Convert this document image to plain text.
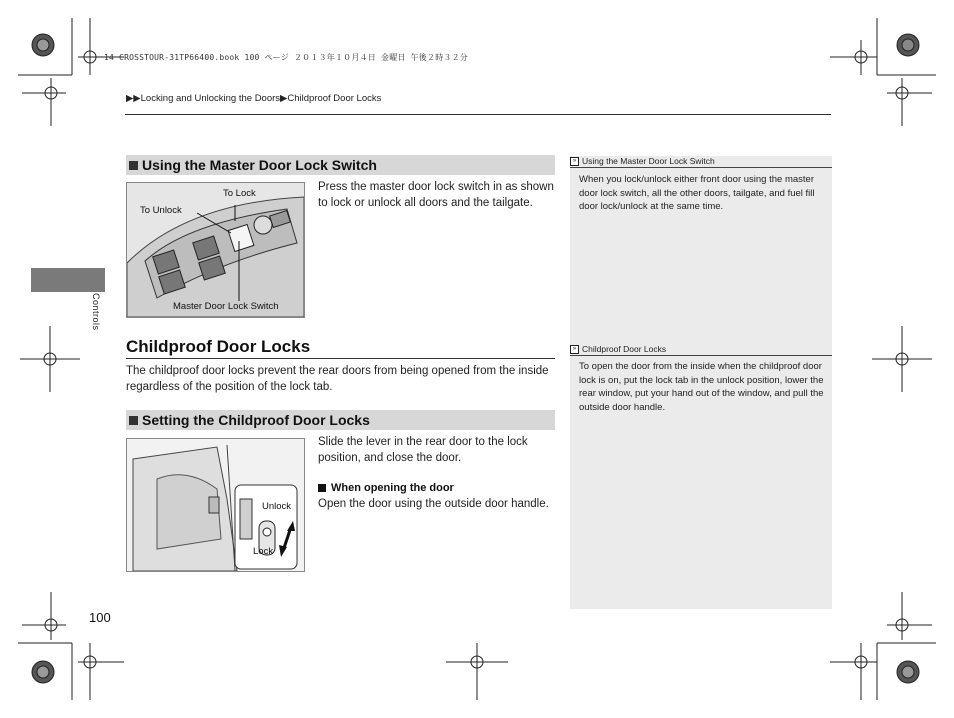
14 CROSSTOUR-31TP66400.book 100 ページ ２０１３年１０月４日 金曜日 午後２時３２分
▶▶Locking and Unlocking the Doors▶Childproof Door Locks
Controls
Using the Master Door Lock Switch
To Lock
To Unlock
Master Door Lock Switch
Press the master door lock switch in as shown to lock or unlock all doors and the tailgate.
Childproof Door Locks
The childproof door locks prevent the rear doors from being opened from the inside regardless of the position of the lock tab.
Setting the Childproof Door Locks
Unlock
Lock
Slide the lever in the rear door to the lock position, and close the door.
When opening the door
Open the door using the outside door handle.
» Using the Master Door Lock Switch
When you lock/unlock either front door using the master door lock switch, all the other doors, tailgate, and fuel fill door lock/unlock at the same time.
» Childproof Door Locks
To open the door from the inside when the childproof door lock is on, put the lock tab in the unlock position, lower the rear window, put your hand out of the window, and pull the outside door handle.
100
